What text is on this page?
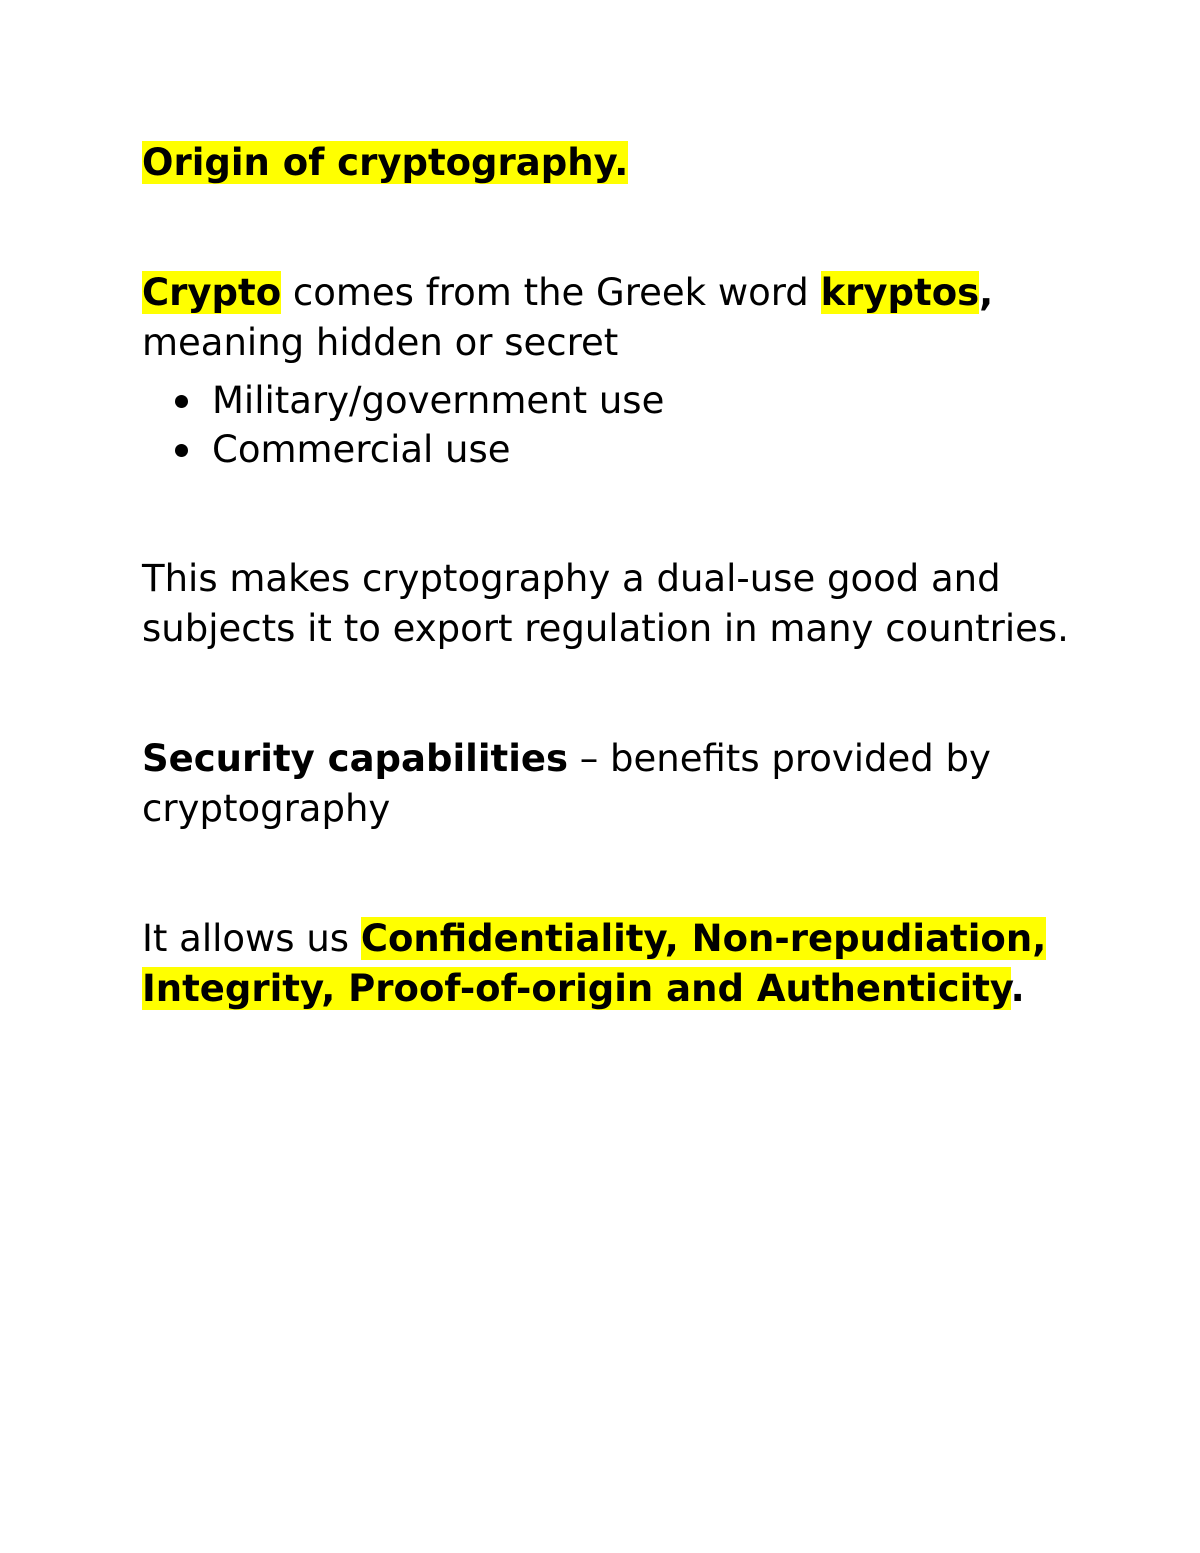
Origin of cryptography.

Crypto comes from the Greek word kryptos, meaning hidden or secret

Military/government use
Commercial use

This makes cryptography a dual-use good and subjects it to export regulation in many countries.

Security capabilities – benefits provided by cryptography

It allows us Confidentiality, Non-repudiation, Integrity, Proof-of-origin and Authenticity.
